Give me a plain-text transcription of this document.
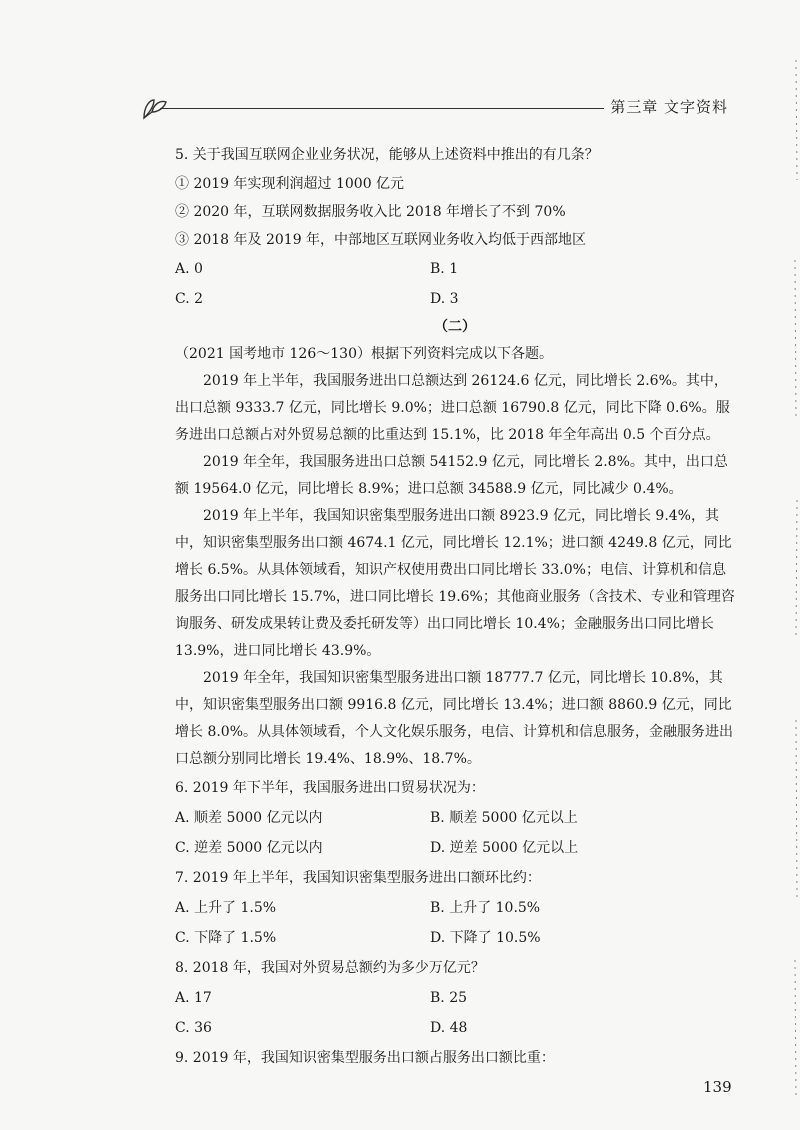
第三章 文字资料

5. 关于我国互联网企业业务状况，能够从上述资料中推出的有几条？

① 2019 年实现利润超过 1000 亿元

② 2020 年，互联网数据服务收入比 2018 年增长了不到 70%

③ 2018 年及 2019 年，中部地区互联网业务收入均低于西部地区

A. 0	B. 1
C. 2	D. 3

（二）

（2021 国考地市 126～130）根据下列资料完成以下各题。

2019 年上半年，我国服务进出口总额达到 26124.6 亿元，同比增长 2.6%。其中，出口总额 9333.7 亿元，同比增长 9.0%；进口总额 16790.8 亿元，同比下降 0.6%。服务进出口总额占对外贸易总额的比重达到 15.1%，比 2018 年全年高出 0.5 个百分点。

2019 年全年，我国服务进出口总额 54152.9 亿元，同比增长 2.8%。其中，出口总额 19564.0 亿元，同比增长 8.9%；进口总额 34588.9 亿元，同比减少 0.4%。

2019 年上半年，我国知识密集型服务进出口额 8923.9 亿元，同比增长 9.4%，其中，知识密集型服务出口额 4674.1 亿元，同比增长 12.1%；进口额 4249.8 亿元，同比增长 6.5%。从具体领域看，知识产权使用费出口同比增长 33.0%；电信、计算机和信息服务出口同比增长 15.7%，进口同比增长 19.6%；其他商业服务（含技术、专业和管理咨询服务、研发成果转让费及委托研发等）出口同比增长 10.4%；金融服务出口同比增长 13.9%，进口同比增长 43.9%。

2019 年全年，我国知识密集型服务进出口额 18777.7 亿元，同比增长 10.8%，其中，知识密集型服务出口额 9916.8 亿元，同比增长 13.4%；进口额 8860.9 亿元，同比增长 8.0%。从具体领域看，个人文化娱乐服务，电信、计算机和信息服务，金融服务进出口总额分别同比增长 19.4%、18.9%、18.7%。

6. 2019 年下半年，我国服务进出口贸易状况为：

A. 顺差 5000 亿元以内	B. 顺差 5000 亿元以上
C. 逆差 5000 亿元以内	D. 逆差 5000 亿元以上

7. 2019 年上半年，我国知识密集型服务进出口额环比约：

A. 上升了 1.5%	B. 上升了 10.5%
C. 下降了 1.5%	D. 下降了 10.5%

8. 2018 年，我国对外贸易总额约为多少万亿元？

A. 17	B. 25
C. 36	D. 48

9. 2019 年，我国知识密集型服务出口额占服务出口额比重：

139
